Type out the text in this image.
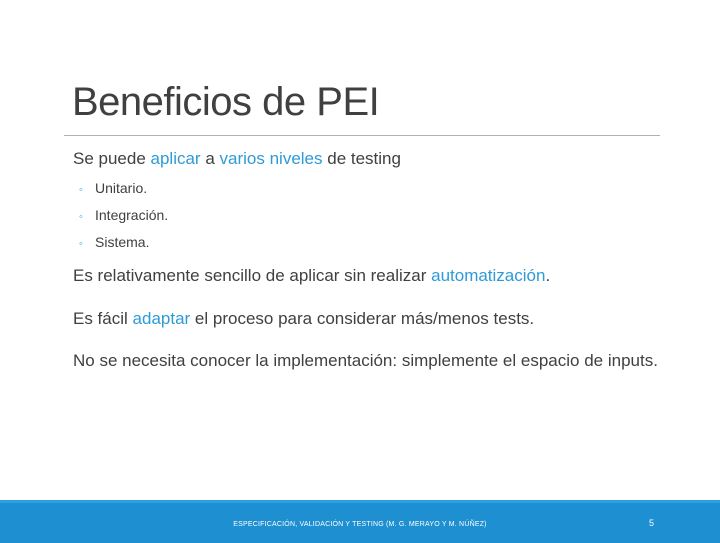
Beneficios de PEI

Se puede aplicar a varios niveles de testing

◦ Unitario.
◦ Integración.
◦ Sistema.

Es relativamente sencillo de aplicar sin realizar automatización.

Es fácil adaptar el proceso para considerar más/menos tests.

No se necesita conocer la implementación: simplemente el espacio de inputs.

ESPECIFICACIÓN, VALIDACIÓN Y TESTING (M. G. MERAYO Y M. NÚÑEZ)	5
